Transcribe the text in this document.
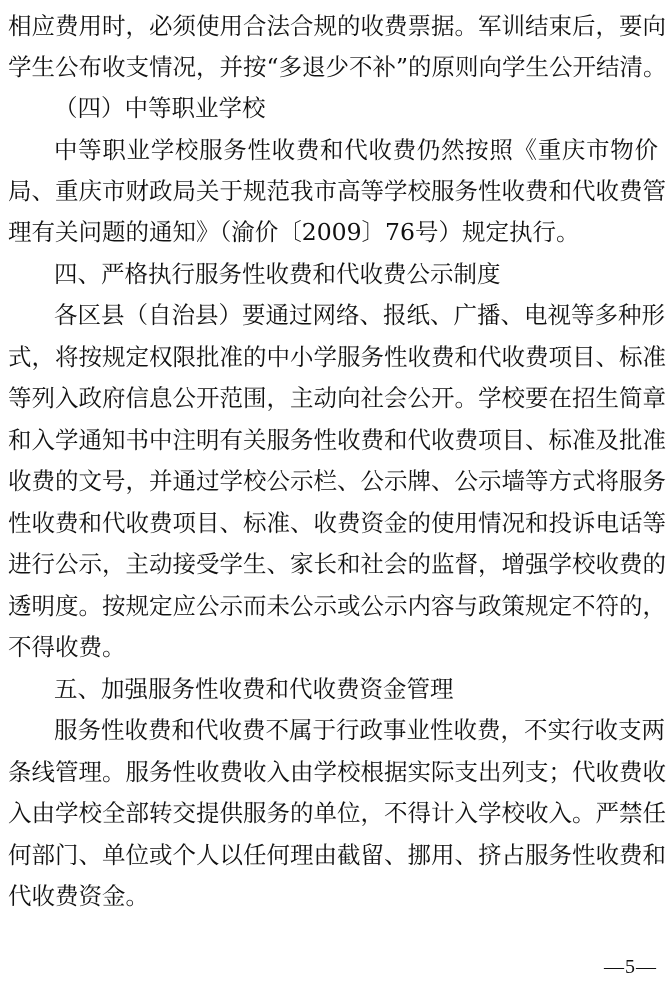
相应费用时，必须使用合法合规的收费票据。军训结束后，要向
学生公布收支情况，并按“多退少不补”的原则向学生公开结清。
（四）中等职业学校
中等职业学校服务性收费和代收费仍然按照《重庆市物价
局、重庆市财政局关于规范我市高等学校服务性收费和代收费管
理有关问题的通知》（渝价〔2009〕76号）规定执行。
四、严格执行服务性收费和代收费公示制度
各区县（自治县）要通过网络、报纸、广播、电视等多种形
式，将按规定权限批准的中小学服务性收费和代收费项目、标准
等列入政府信息公开范围，主动向社会公开。学校要在招生简章
和入学通知书中注明有关服务性收费和代收费项目、标准及批准
收费的文号，并通过学校公示栏、公示牌、公示墙等方式将服务
性收费和代收费项目、标准、收费资金的使用情况和投诉电话等
进行公示，主动接受学生、家长和社会的监督，增强学校收费的
透明度。按规定应公示而未公示或公示内容与政策规定不符的，
不得收费。
五、加强服务性收费和代收费资金管理
服务性收费和代收费不属于行政事业性收费，不实行收支两
条线管理。服务性收费收入由学校根据实际支出列支；代收费收
入由学校全部转交提供服务的单位，不得计入学校收入。严禁任
何部门、单位或个人以任何理由截留、挪用、挤占服务性收费和
代收费资金。
—5—
